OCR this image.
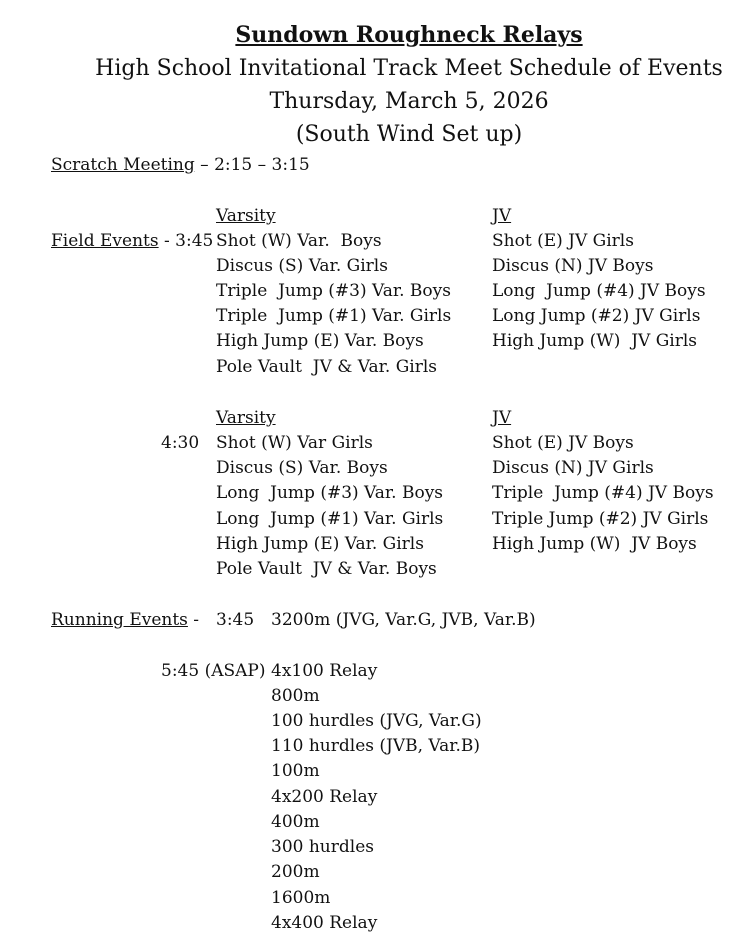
Sundown Roughneck Relays
High School Invitational Track Meet Schedule of Events
Thursday, March 5, 2026
(South Wind Set up)
Scratch Meeting – 2:15 – 3:15
Varsity	JV
Field Events - 3:45 Shot (W) Var.  Boys
Discus (S) Var. Girls
Triple  Jump (#3) Var. Boys
Triple  Jump (#1) Var. Girls
High Jump (E) Var. Boys
Pole Vault  JV & Var. Girls
Shot (E) JV Girls
Discus (N) JV Boys
Long  Jump (#4) JV Boys
Long Jump (#2) JV Girls
High Jump (W)  JV Girls
Varsity	JV
4:30 Shot (W) Var Girls
Discus (S) Var. Boys
Long  Jump (#3) Var. Boys
Long  Jump (#1) Var. Girls
High Jump (E) Var. Girls
Pole Vault  JV & Var. Boys
Shot (E) JV Boys
Discus (N) JV Girls
Triple  Jump (#4) JV Boys
Triple Jump (#2) JV Girls
High Jump (W)  JV Boys
Running Events - 3:45 3200m (JVG, Var.G, JVB, Var.B)
5:45 (ASAP) 4x100 Relay
800m
100 hurdles (JVG, Var.G)
110 hurdles (JVB, Var.B)
100m
4x200 Relay
400m
300 hurdles
200m
1600m
4x400 Relay
